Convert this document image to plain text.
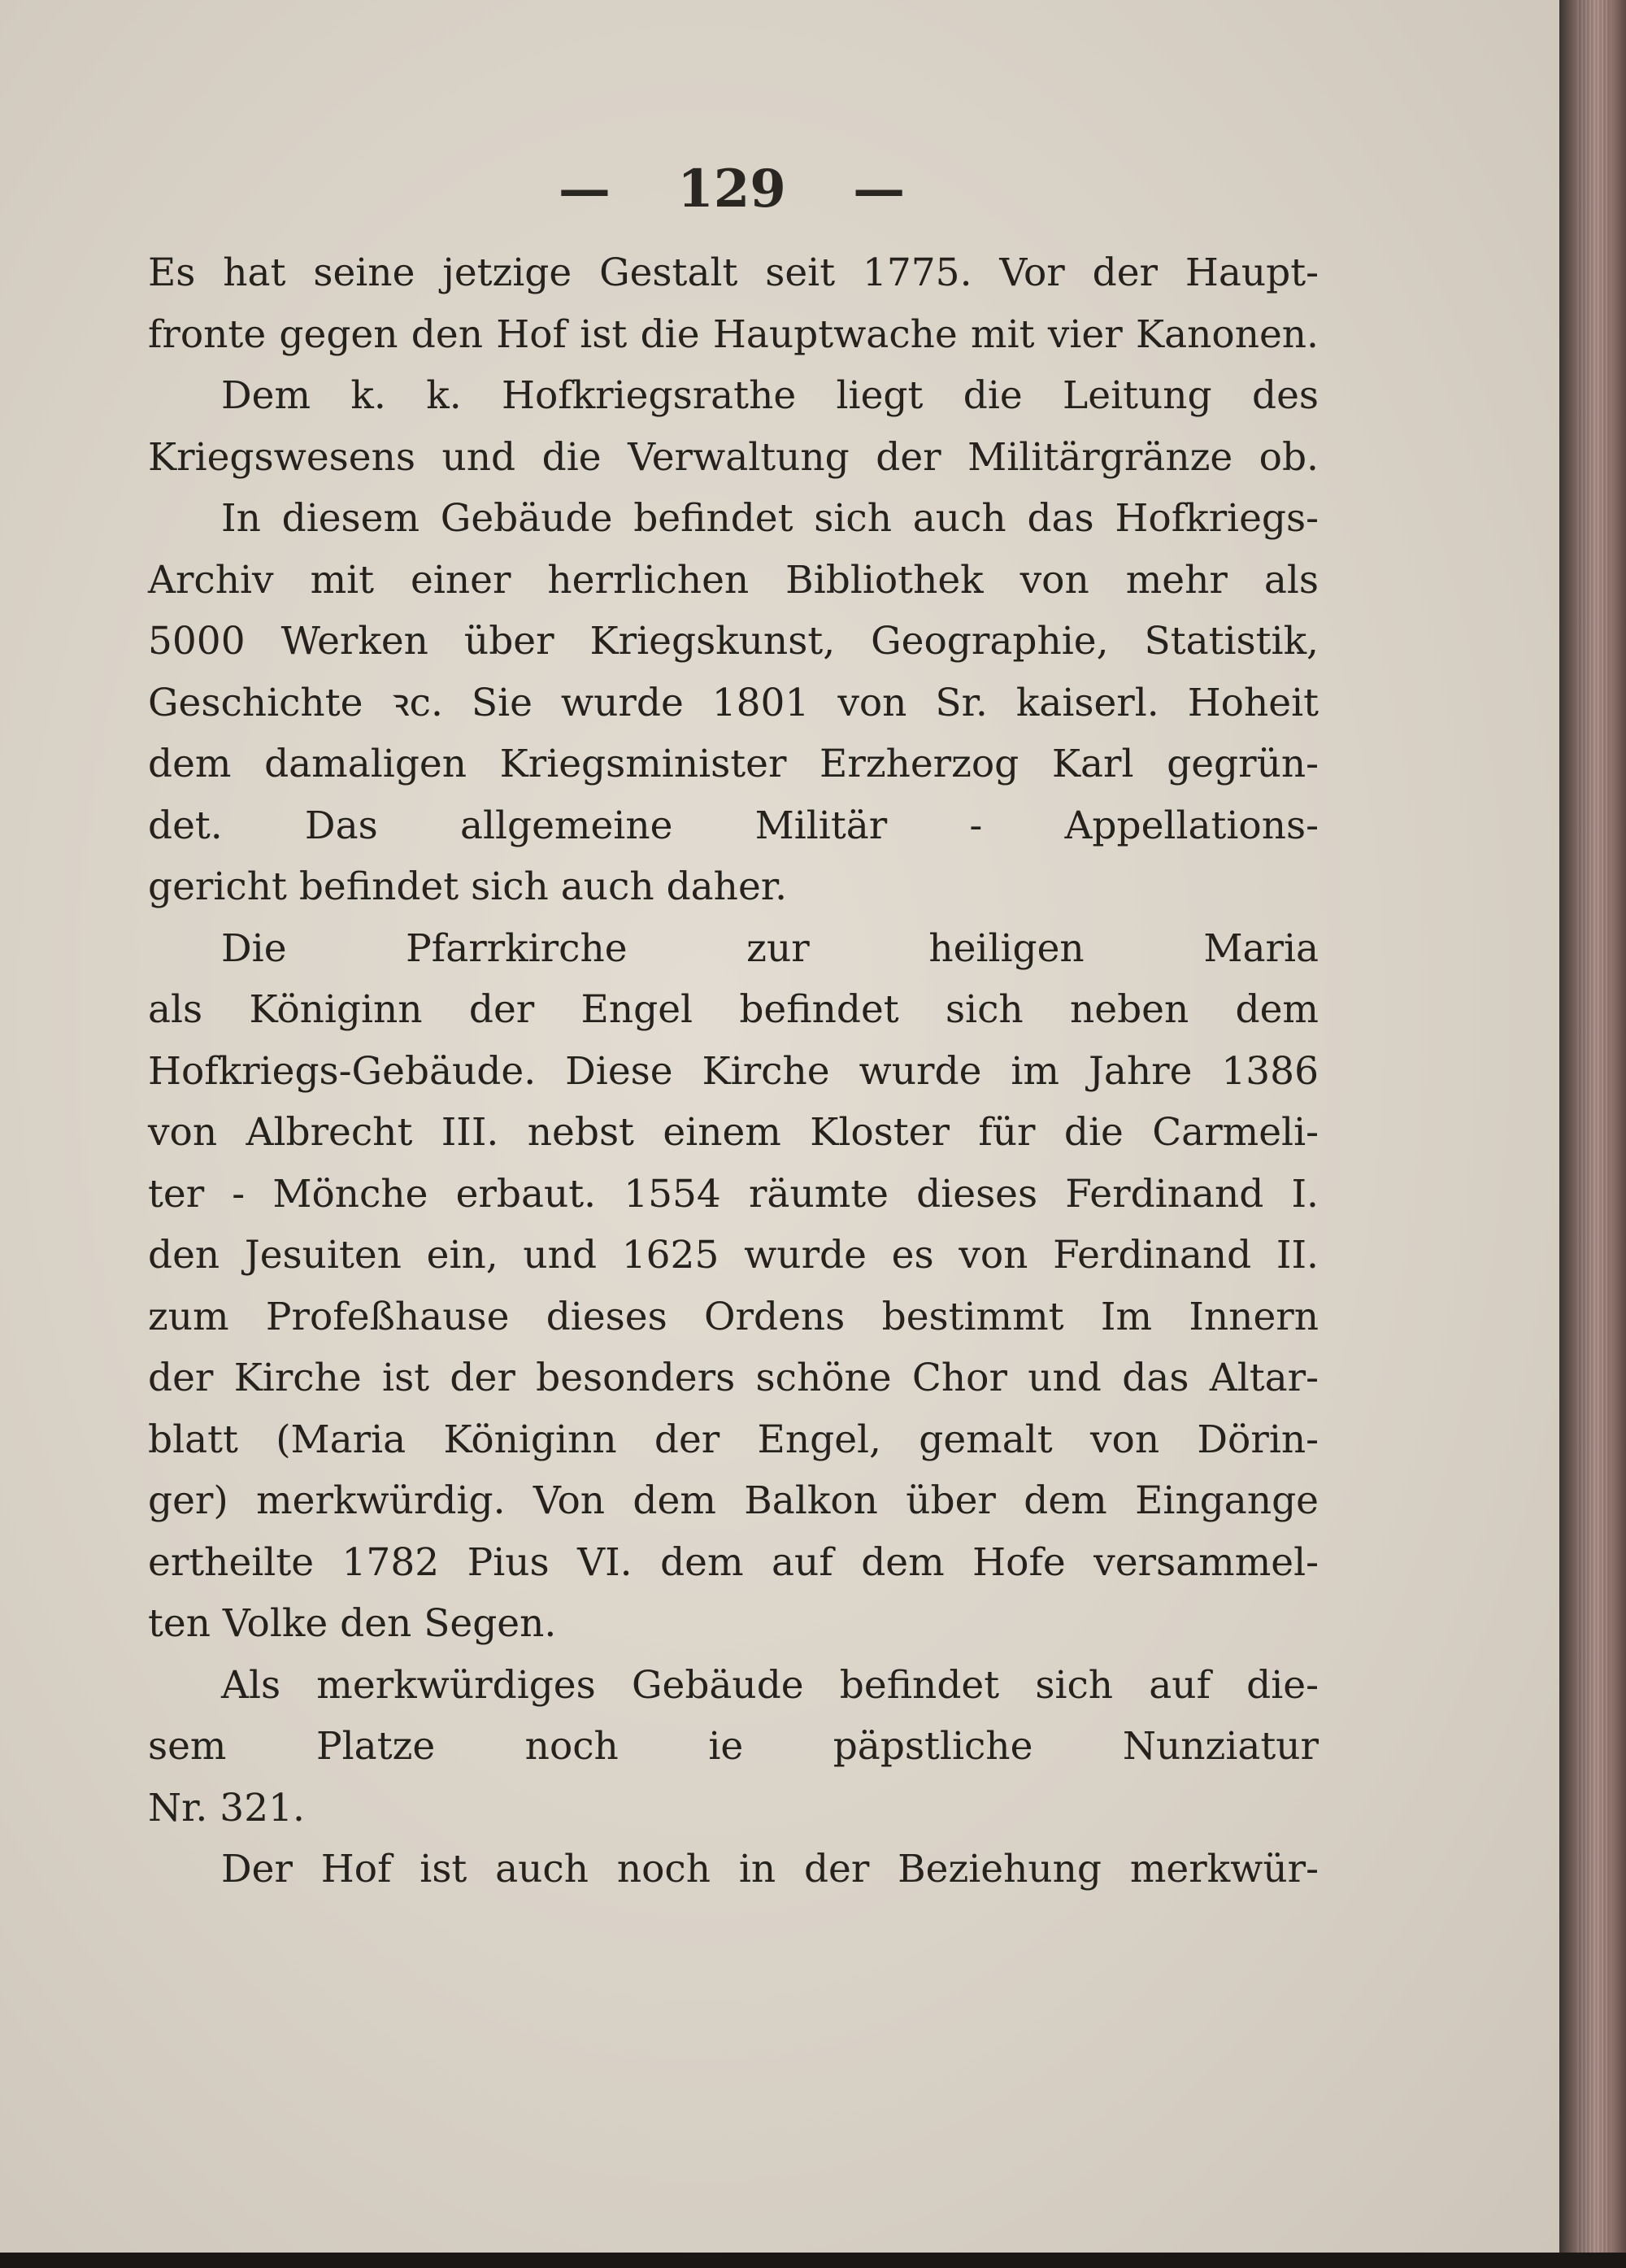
— 129 —
Es hat seine jetzige Gestalt seit 1775. Vor der Haupt-
fronte gegen den Hof ist die Hauptwache mit vier Kanonen.
Dem k. k. Hofkriegsrathe liegt die Leitung des
Kriegswesens und die Verwaltung der Militärgränze ob.
In diesem Gebäude befindet sich auch das Hofkriegs-
Archiv mit einer herrlichen Bibliothek von mehr als
5000 Werken über Kriegskunst, Geographie, Statistik,
Geschichte ꝛc. Sie wurde 1801 von Sr. kaiserl. Hoheit
dem damaligen Kriegsminister Erzherzog Karl gegrün-
det. Das allgemeine Militär - Appellations-
gericht befindet sich auch daher.
Die Pfarrkirche zur heiligen Maria
als Königinn der Engel befindet sich neben dem
Hofkriegs-Gebäude. Diese Kirche wurde im Jahre 1386
von Albrecht III. nebst einem Kloster für die Carmeli-
ter - Mönche erbaut. 1554 räumte dieses Ferdinand I.
den Jesuiten ein, und 1625 wurde es von Ferdinand II.
zum Profeßhause dieses Ordens bestimmt Im Innern
der Kirche ist der besonders schöne Chor und das Altar-
blatt (Maria Königinn der Engel, gemalt von Dörin-
ger) merkwürdig. Von dem Balkon über dem Eingange
ertheilte 1782 Pius VI. dem auf dem Hofe versammel-
ten Volke den Segen.
Als merkwürdiges Gebäude befindet sich auf die-
sem Platze noch ie päpstliche Nunziatur
Nr. 321.
Der Hof ist auch noch in der Beziehung merkwür-
